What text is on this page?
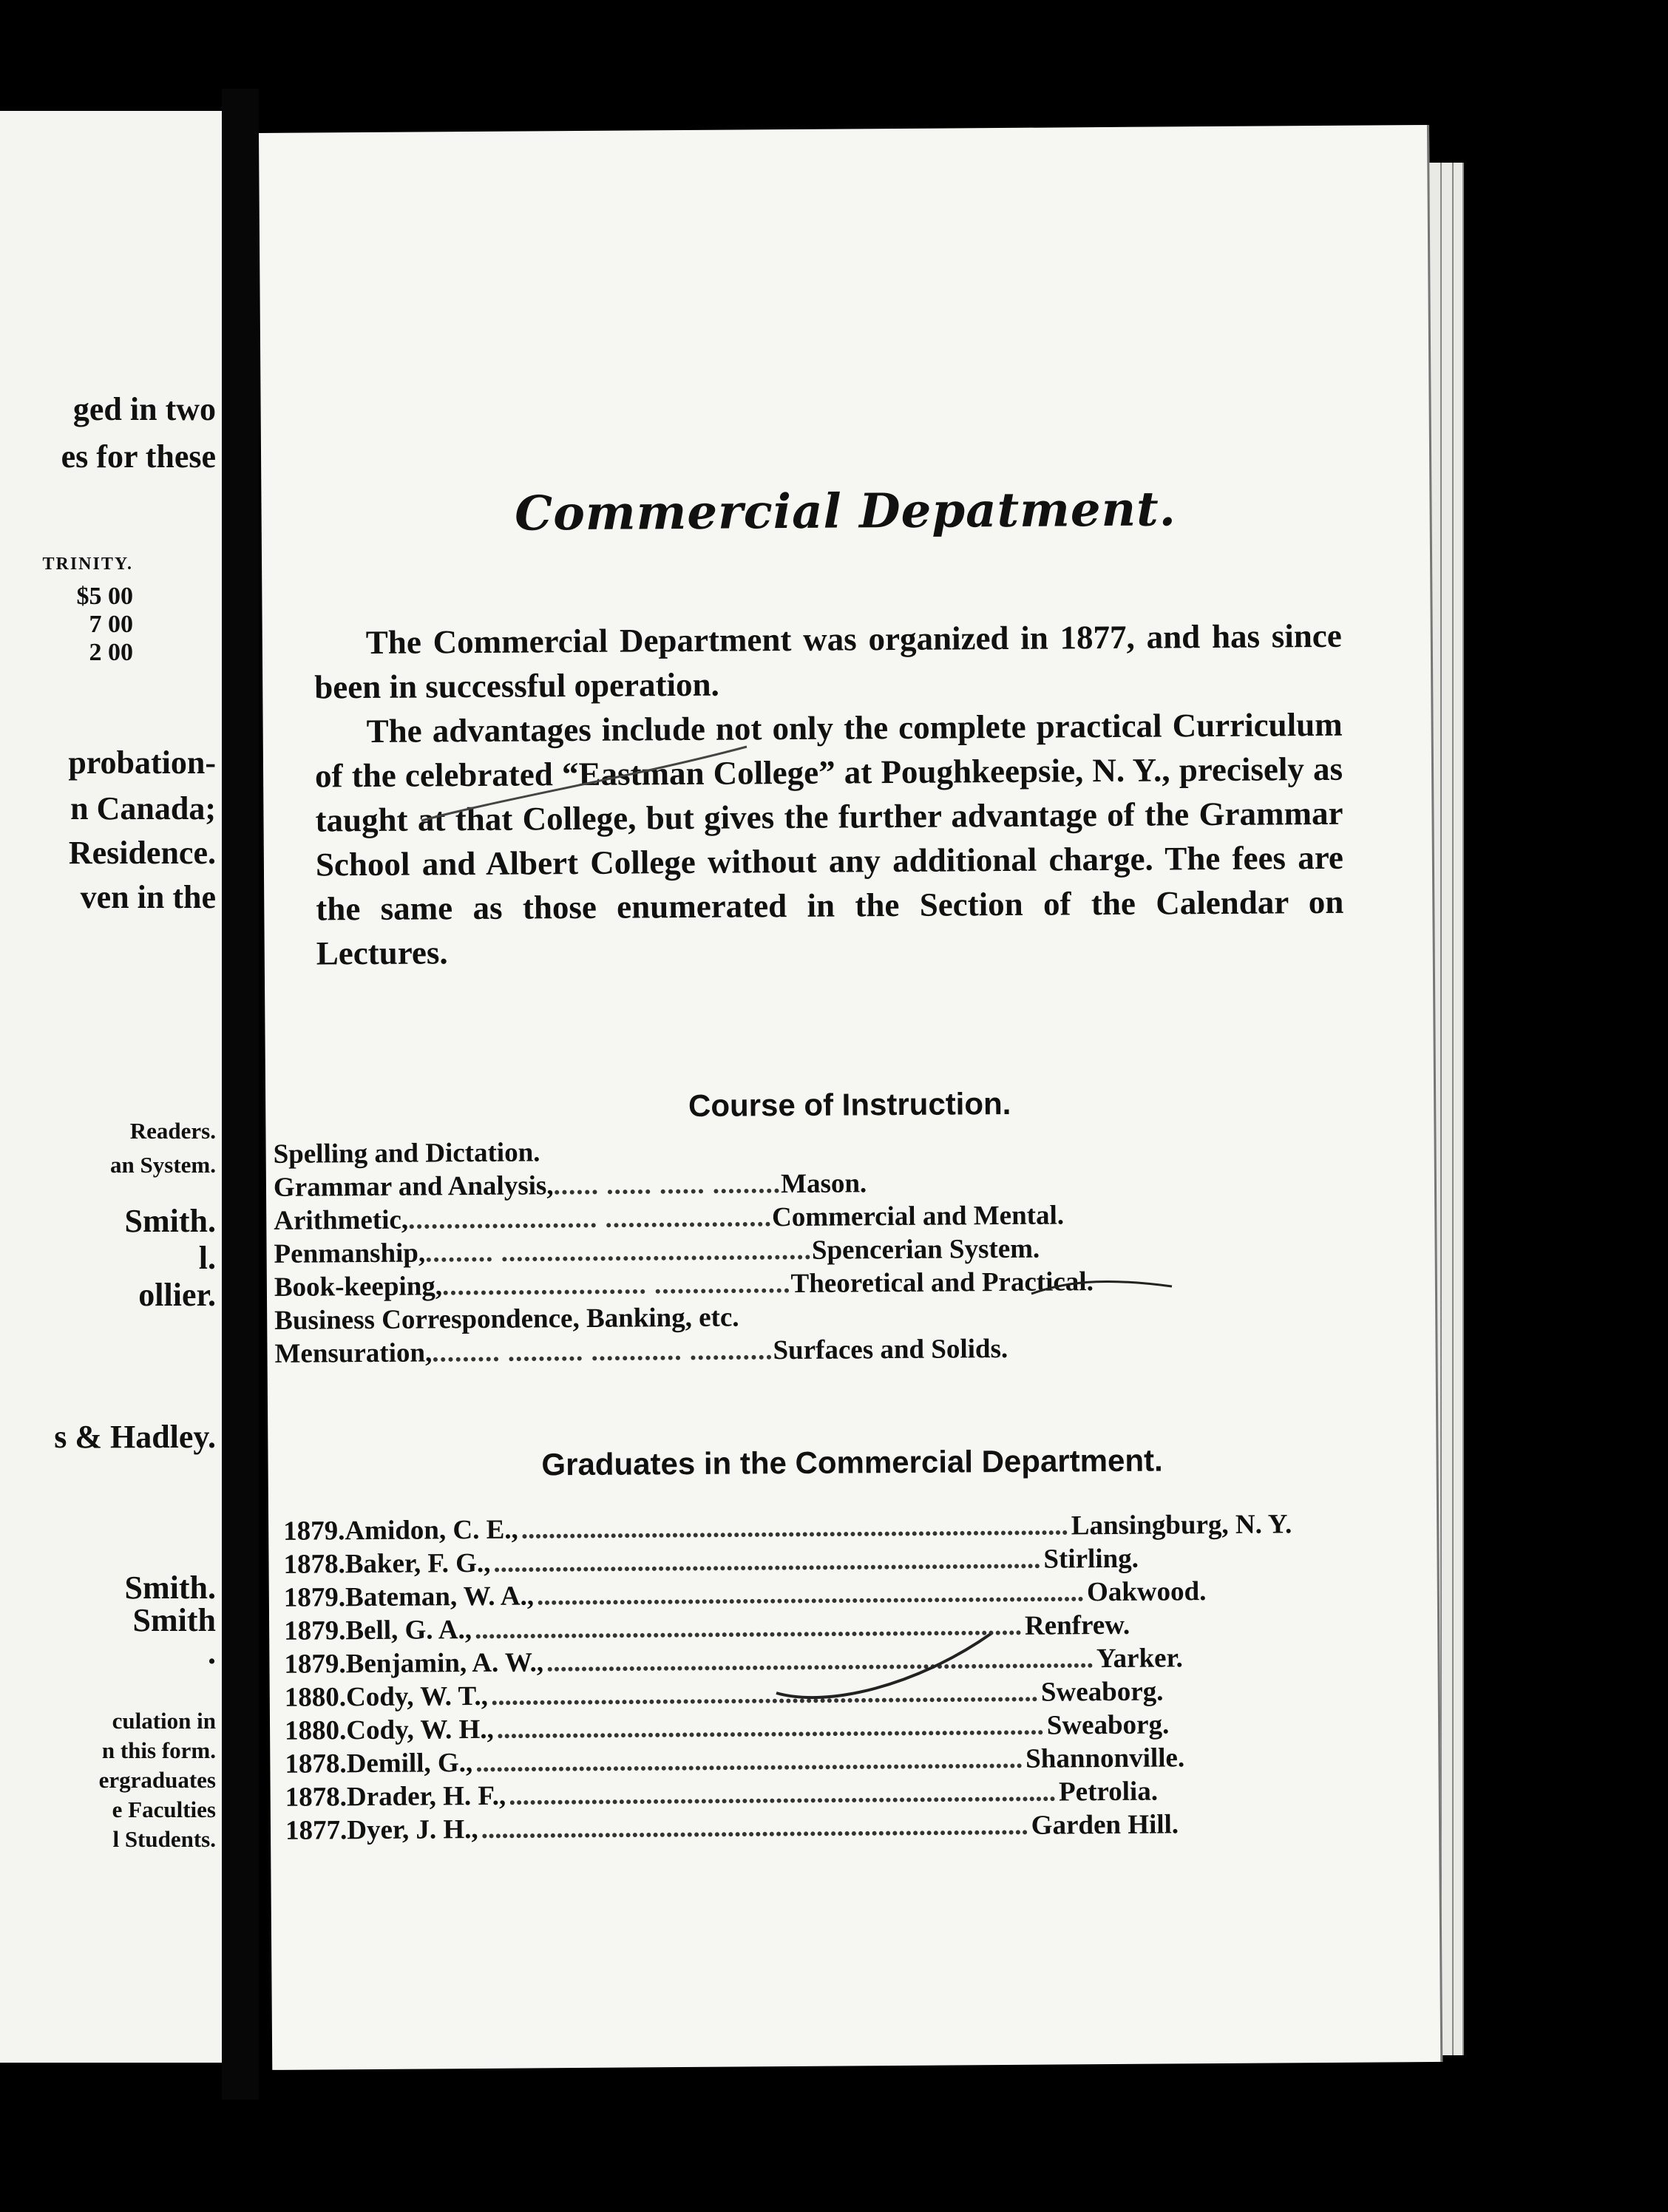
TRINITY.
$5 00
7 00
2 00
ged in two
es for these
probation-
n Canada;
Residence.
ven in the
Readers.
an System.
Smith.
l.
ollier.
s & Hadley.
Smith.
Smith
.
culation in
n this form.
ergraduates
e Faculties
l Students.
Commercial Depatment.
The Commercial Department was organized in 1877, and has since been in successful operation.
The advantages include not only the complete practical Curriculum of the celebrated “Eastman College” at Poughkeepsie, N. Y., precisely as taught at that College, but gives the further advantage of the Grammar School and Albert College without any additional charge. The fees are the same as those enumerated in the Section of the Calendar on Lectures.
Course of Instruction.
Spelling and Dictation.
Grammar and Analysis, ...... ...... ...... ......... Mason.
Arithmetic, ......................... ...................... Commercial and Mental.
Penmanship, ......... ......................................... Spencerian System.
Book-keeping, ........................... .................. Theoretical and Practical.
Business Correspondence, Banking, etc.
Mensuration, ......... .......... ............ ........... Surfaces and Solids.
Graduates in the Commercial Department.
1879. Amidon, C. E., ................................................................................ Lansingburg, N. Y.
1878. Baker, F. G., ................................................................................ Stirling.
1879. Bateman, W. A., ................................................................................ Oakwood.
1879. Bell, G. A., ................................................................................ Renfrew.
1879. Benjamin, A. W., ................................................................................ Yarker.
1880. Cody, W. T., ................................................................................ Sweaborg.
1880. Cody, W. H., ................................................................................ Sweaborg.
1878. Demill, G., ................................................................................ Shannonville.
1878. Drader, H. F., ................................................................................ Petrolia.
1877. Dyer, J. H., ................................................................................ Garden Hill.
